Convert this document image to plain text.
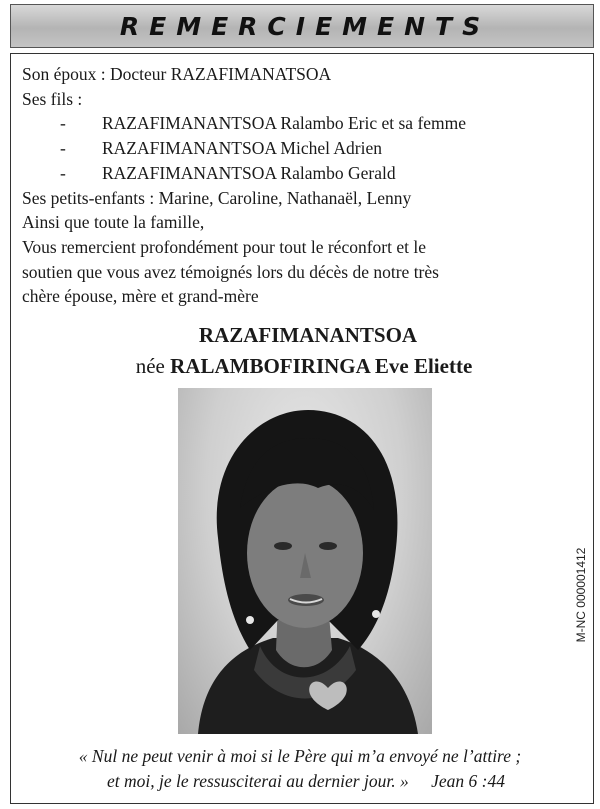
REMERCIEMENTS
Son époux : Docteur RAZAFIMANATSOA
Ses fils :
-	RAZAFIMANANTSOA Ralambo Eric et sa femme
-	RAZAFIMANANTSOA Michel Adrien
-	RAZAFIMANANTSOA Ralambo Gerald
Ses petits-enfants : Marine, Caroline, Nathanaël, Lenny
Ainsi que toute la famille,
Vous remercient profondément pour tout le réconfort et le
soutien que vous avez témoignés lors du décès de notre très
chère épouse, mère et grand-mère
RAZAFIMANANTSOA
née RALAMBOFIRINGA Eve Eliette
M-NC 000001412
« Nul ne peut venir à moi si le Père qui m’a envoyé ne l’attire ;
et moi, je le ressusciterai au dernier jour. » Jean 6 :44
